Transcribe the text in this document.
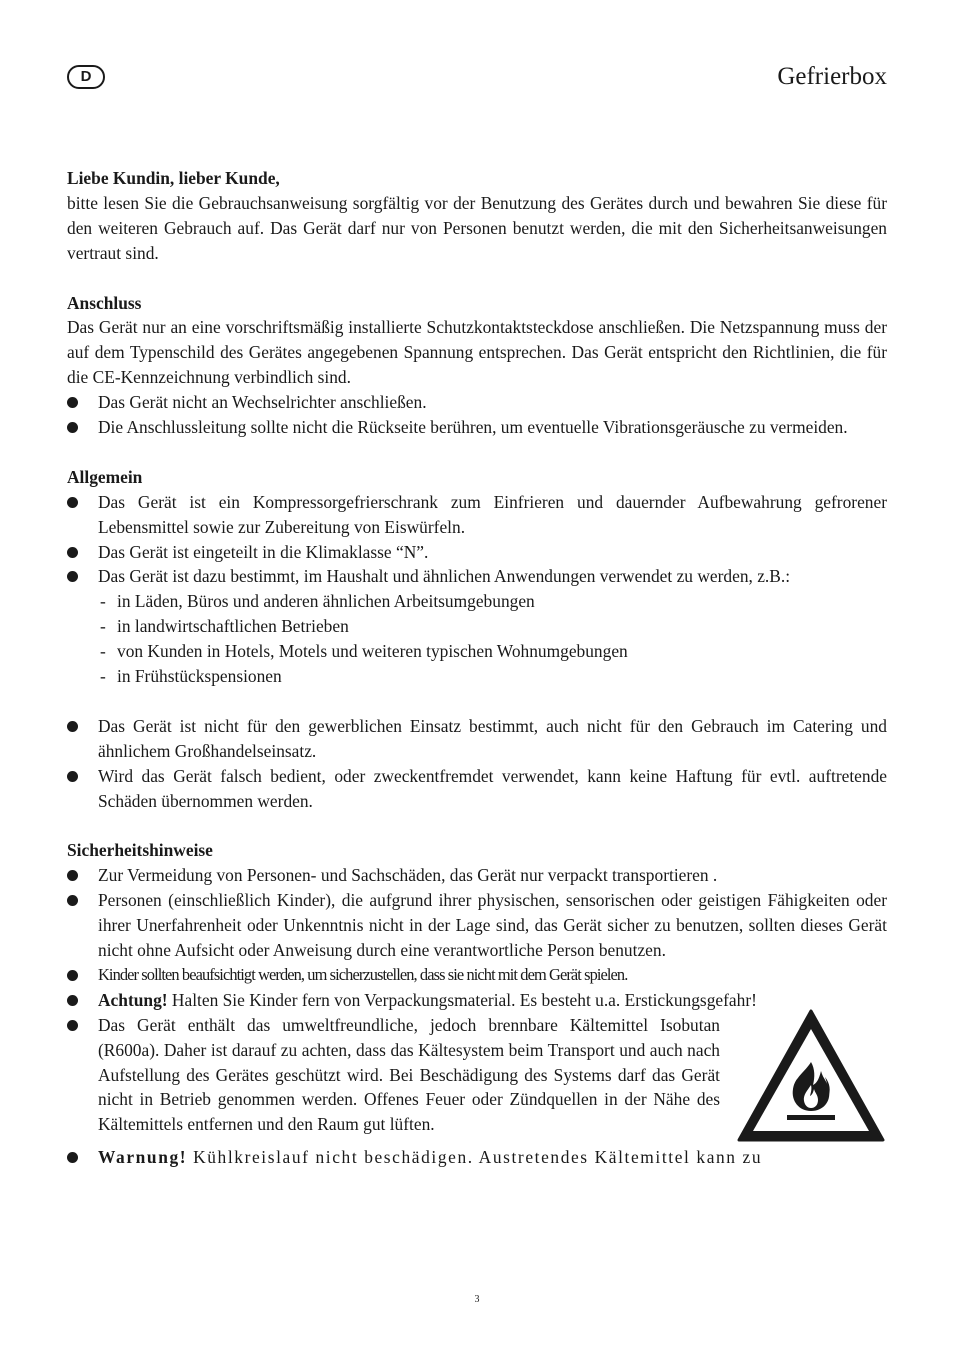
D	Gefrierbox

Liebe Kundin, lieber Kunde,

bitte lesen Sie die Gebrauchsanweisung sorgfältig vor der Benutzung des Gerätes durch und bewahren Sie diese für den weiteren Gebrauch auf. Das Gerät darf nur von Personen benutzt werden, die mit den Sicherheitsanweisungen vertraut sind.

Anschluss

Das Gerät nur an eine vorschriftsmäßig installierte Schutzkontaktsteckdose anschließen. Die Netzspannung muss der auf dem Typenschild des Gerätes angegebenen Spannung entsprechen. Das Gerät entspricht den Richtlinien, die für die CE-Kennzeichnung verbindlich sind.

Das Gerät nicht an Wechselrichter anschließen.
Die Anschlussleitung sollte nicht die Rückseite berühren, um eventuelle Vibrationsgeräusche zu vermeiden.

Allgemein

Das Gerät ist ein Kompressorgefrierschrank zum Einfrieren und dauernder Aufbewahrung gefrorener Lebensmittel sowie zur Zubereitung von Eiswürfeln.
Das Gerät ist eingeteilt in die Klimaklasse “N”.
Das Gerät ist dazu bestimmt, im Haushalt und ähnlichen Anwendungen verwendet zu werden, z.B.:
- in Läden, Büros und anderen ähnlichen Arbeitsumgebungen
- in landwirtschaftlichen Betrieben
- von Kunden in Hotels, Motels und weiteren typischen Wohnumgebungen
- in Frühstückspensionen
Das Gerät ist nicht für den gewerblichen Einsatz bestimmt, auch nicht für den Gebrauch im Catering und ähnlichem Großhandelseinsatz.
Wird das Gerät falsch bedient, oder zweckentfremdet verwendet, kann keine Haftung für evtl. auftretende Schäden übernommen werden.

Sicherheitshinweise

Zur Vermeidung von Personen- und Sachschäden, das Gerät nur verpackt transportieren .
Personen (einschließlich Kinder), die aufgrund ihrer physischen, sensorischen oder geistigen Fähigkeiten oder ihrer Unerfahrenheit oder Unkenntnis nicht in der Lage sind, das Gerät sicher zu benutzen, sollten dieses Gerät nicht ohne Aufsicht oder Anweisung durch eine verantwortliche Person benutzen.
Kinder sollten beaufsichtigt werden, um sicherzustellen, dass sie nicht mit dem Gerät spielen.
Achtung! Halten Sie Kinder fern von Verpackungsmaterial. Es besteht u.a. Erstickungsgefahr!
Das Gerät enthält das umweltfreundliche, jedoch brennbare Kältemittel Isobutan (R600a). Daher ist darauf zu achten, dass das Kältesystem beim Transport und auch nach Aufstellung des Gerätes geschützt wird. Bei Beschädigung des Systems darf das Gerät nicht in Betrieb genommen werden. Offenes Feuer oder Zündquellen in der Nähe des Kältemittels entfernen und den Raum gut lüften.
Warnung! Kühlkreislauf nicht beschädigen. Austretendes Kältemittel kann zu
3
